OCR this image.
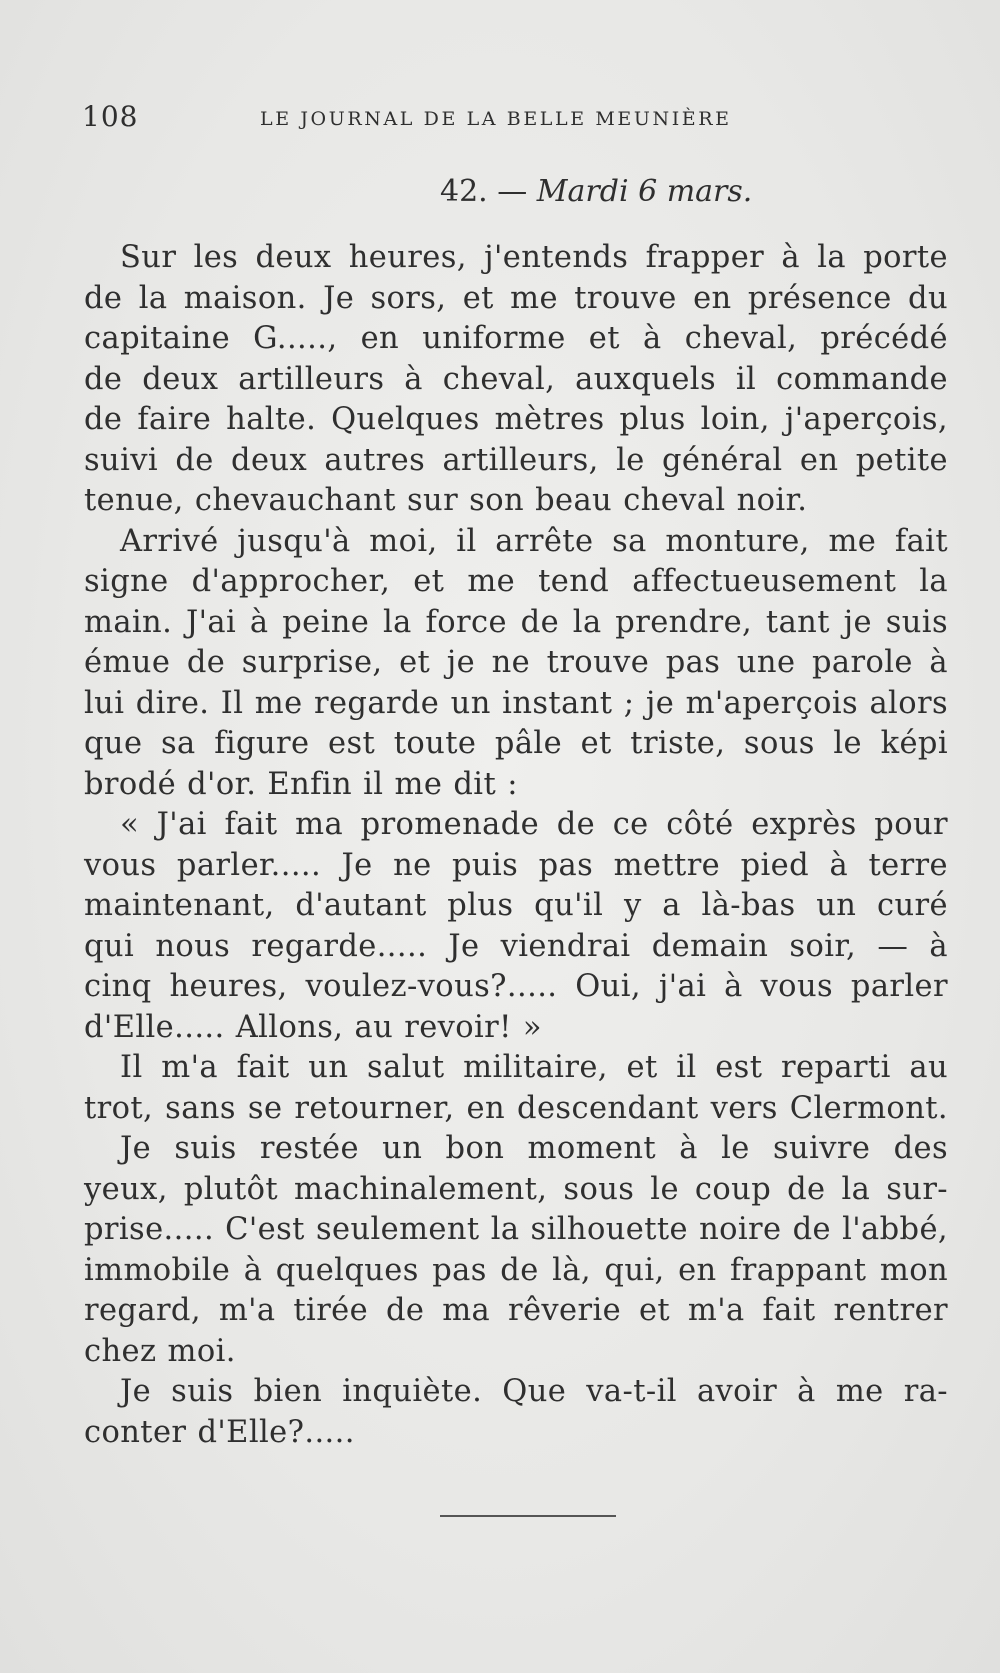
108	LE JOURNAL DE LA BELLE MEUNIÈRE
42. — Mardi 6 mars.
Sur les deux heures, j'entends frapper à la porte
de la maison. Je sors, et me trouve en présence du
capitaine G....., en uniforme et à cheval, précédé
de deux artilleurs à cheval, auxquels il commande
de faire halte. Quelques mètres plus loin, j'aperçois,
suivi de deux autres artilleurs, le général en petite
tenue, chevauchant sur son beau cheval noir.
Arrivé jusqu'à moi, il arrête sa monture, me fait
signe d'approcher, et me tend affectueusement la
main. J'ai à peine la force de la prendre, tant je suis
émue de surprise, et je ne trouve pas une parole à
lui dire. Il me regarde un instant ; je m'aperçois alors
que sa figure est toute pâle et triste, sous le képi
brodé d'or. Enfin il me dit :
« J'ai fait ma promenade de ce côté exprès pour
vous parler..... Je ne puis pas mettre pied à terre
maintenant, d'autant plus qu'il y a là-bas un curé
qui nous regarde..... Je viendrai demain soir, — à
cinq heures, voulez-vous?..... Oui, j'ai à vous parler
d'Elle..... Allons, au revoir! »
Il m'a fait un salut militaire, et il est reparti au
trot, sans se retourner, en descendant vers Clermont.
Je suis restée un bon moment à le suivre des
yeux, plutôt machinalement, sous le coup de la sur-
prise..... C'est seulement la silhouette noire de l'abbé,
immobile à quelques pas de là, qui, en frappant mon
regard, m'a tirée de ma rêverie et m'a fait rentrer
chez moi.
Je suis bien inquiète. Que va-t-il avoir à me ra-
conter d'Elle?.....
